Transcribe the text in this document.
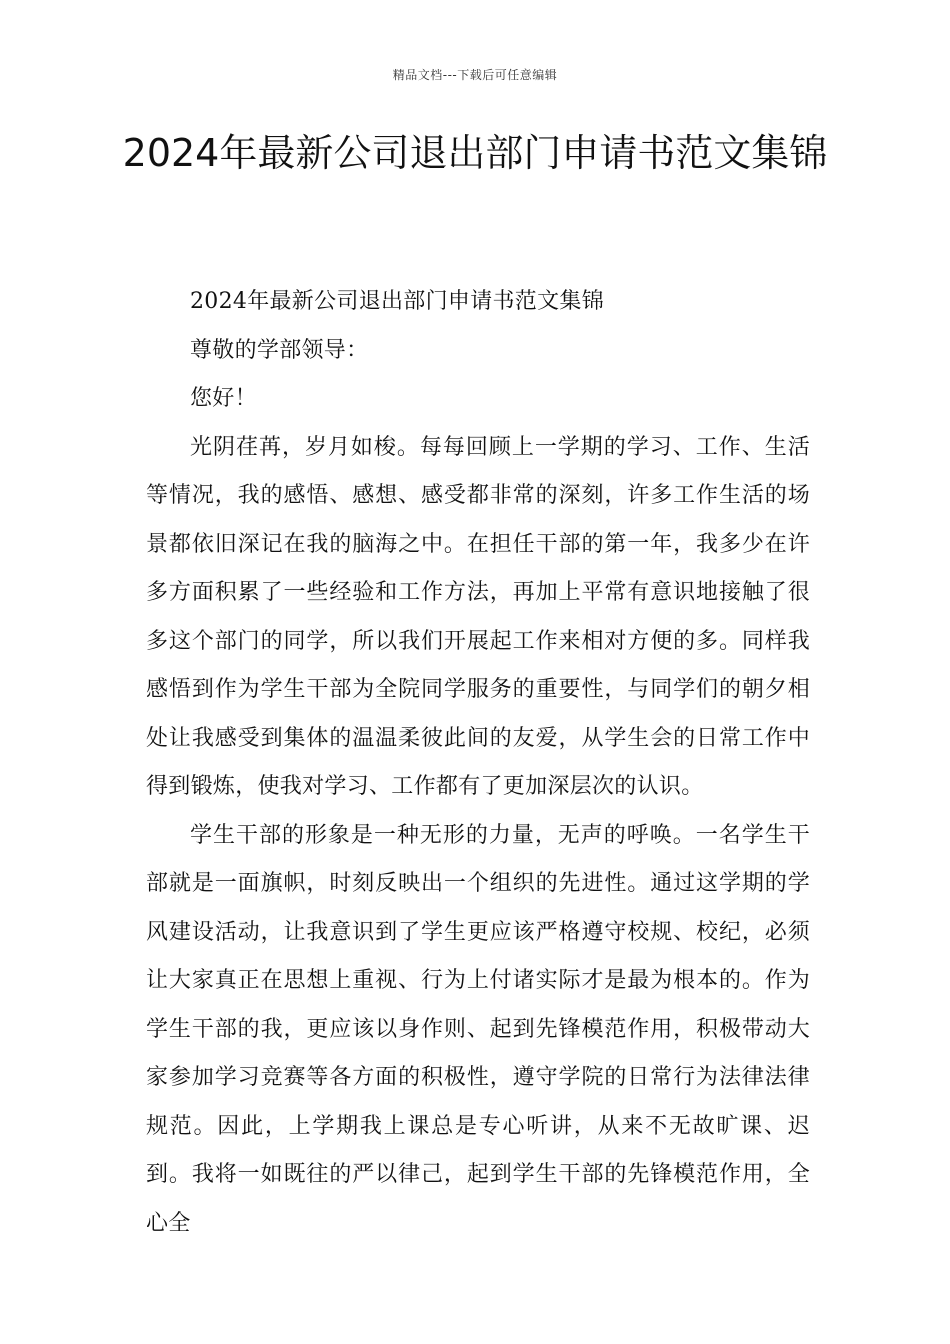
精品文档---下载后可任意编辑
2024年最新公司退出部门申请书范文集锦

2024年最新公司退出部门申请书范文集锦

尊敬的学部领导：

您好！

光阴荏苒，岁月如梭。每每回顾上一学期的学习、工作、生活等情况，我的感悟、感想、感受都非常的深刻，许多工作生活的场景都依旧深记在我的脑海之中。在担任干部的第一年，我多少在许多方面积累了一些经验和工作方法，再加上平常有意识地接触了很多这个部门的同学，所以我们开展起工作来相对方便的多。同样我感悟到作为学生干部为全院同学服务的重要性，与同学们的朝夕相处让我感受到集体的温温柔彼此间的友爱，从学生会的日常工作中得到锻炼，使我对学习、工作都有了更加深层次的认识。

学生干部的形象是一种无形的力量，无声的呼唤。一名学生干部就是一面旗帜，时刻反映出一个组织的先进性。通过这学期的学风建设活动，让我意识到了学生更应该严格遵守校规、校纪，必须让大家真正在思想上重视、行为上付诸实际才是最为根本的。作为学生干部的我，更应该以身作则、起到先锋模范作用，积极带动大家参加学习竞赛等各方面的积极性，遵守学院的日常行为法律法律规范。因此，上学期我上课总是专心听讲，从来不无故旷课、迟到。我将一如既往的严以律己，起到学生干部的先锋模范作用，全心全
